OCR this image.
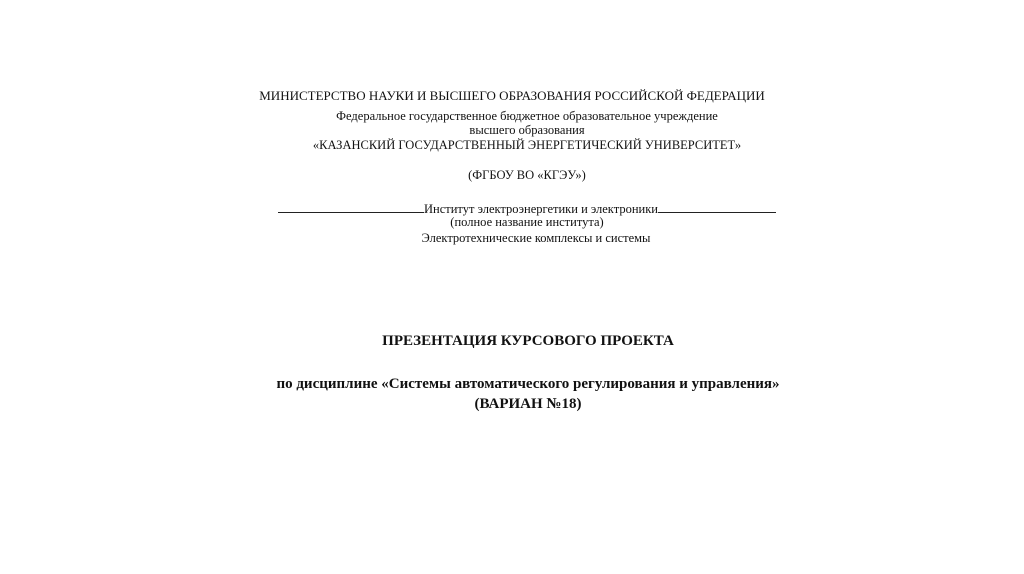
МИНИСТЕРСТВО НАУКИ И ВЫСШЕГО ОБРАЗОВАНИЯ РОССИЙСКОЙ ФЕДЕРАЦИИ
Федеральное государственное бюджетное образовательное учреждение
высшего образования
«КАЗАНСКИЙ ГОСУДАРСТВЕННЫЙ ЭНЕРГЕТИЧЕСКИЙ УНИВЕРСИТЕТ»
(ФГБОУ ВО «КГЭУ»)
Институт электроэнергетики и электроники
(полное название института)
Электротехнические комплексы и системы
ПРЕЗЕНТАЦИЯ КУРСОВОГО ПРОЕКТА
по дисциплине «Системы автоматического регулирования и управления»
(ВАРИАН №18)
